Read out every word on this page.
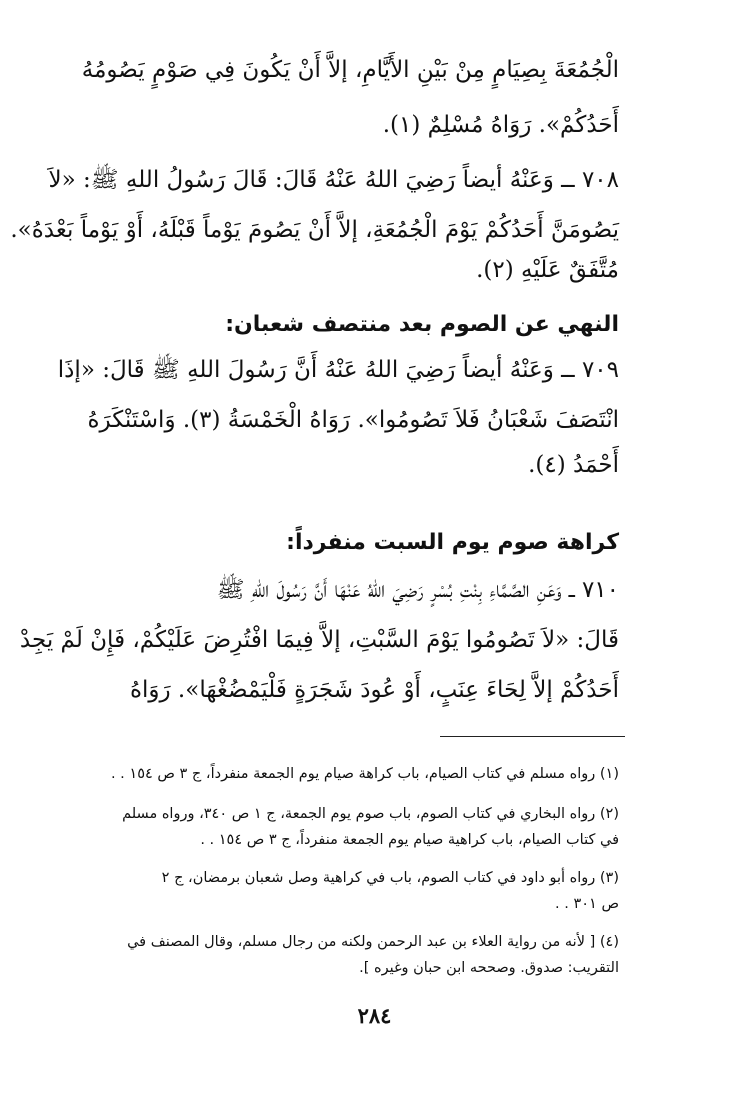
الْجُمُعَةَ بِصِيَامٍ مِنْ بَيْنِ الأَيَّامِ، إلاَّ أَنْ يَكُونَ فِي صَوْمٍ يَصُومُهُ
أَحَدُكُمْ». رَوَاهُ مُسْلِمٌ (١).
٧٠٨ ــ وَعَنْهُ أيضاً رَضِيَ اللهُ عَنْهُ قَالَ: قَالَ رَسُولُ اللهِ ﷺ: «لاَ
يَصُومَنَّ أَحَدُكُمْ يَوْمَ الْجُمُعَةِ، إلاَّ أَنْ يَصُومَ يَوْماً قَبْلَهُ، أَوْ يَوْماً بَعْدَهُ».
مُتَّفَقٌ عَلَيْهِ (٢).
النهي عن الصوم بعد منتصف شعبان:
٧٠٩ ــ وَعَنْهُ أيضاً رَضِيَ اللهُ عَنْهُ أَنَّ رَسُولَ اللهِ ﷺ قَالَ: «إذَا
انْتَصَفَ شَعْبَانُ فَلاَ تَصُومُوا». رَوَاهُ الْخَمْسَةُ (٣). وَاسْتَنْكَرَهُ
أَحْمَدُ (٤).
كراهة صوم يوم السبت منفرداً:
٧١٠ ــ وَعَنِ الصَّمَّاءِ بِنْتِ بُسْرٍ رَضِيَ اللهُ عَنْهَا أَنَّ رَسُولَ اللهِ ﷺ
قَالَ: «لاَ تَصُومُوا يَوْمَ السَّبْتِ، إلاَّ فِيمَا افْتُرِضَ عَلَيْكُمْ، فَإِنْ لَمْ يَجِدْ
أَحَدُكُمْ إلاَّ لِحَاءَ عِنَبٍ، أَوْ عُودَ شَجَرَةٍ فَلْيَمْضُغْهَا». رَوَاهُ
(١) رواه مسلم في كتاب الصيام، باب كراهة صيام يوم الجمعة منفرداً، ج ٣ ص ١٥٤ . .
(٢) رواه البخاري في كتاب الصوم، باب صوم يوم الجمعة، ج ١ ص ٣٤٠، ورواه مسلم
في كتاب الصيام، باب كراهية صيام يوم الجمعة منفرداً، ج ٣ ص ١٥٤ . .
(٣) رواه أبو داود في كتاب الصوم، باب في كراهية وصل شعبان برمضان، ج ٢
ص ٣٠١ . .
(٤) [ لأنه من رواية العلاء بن عبد الرحمن ولكنه من رجال مسلم، وقال المصنف في
التقريب: صدوق. وصححه ابن حبان وغيره ].
٢٨٤
